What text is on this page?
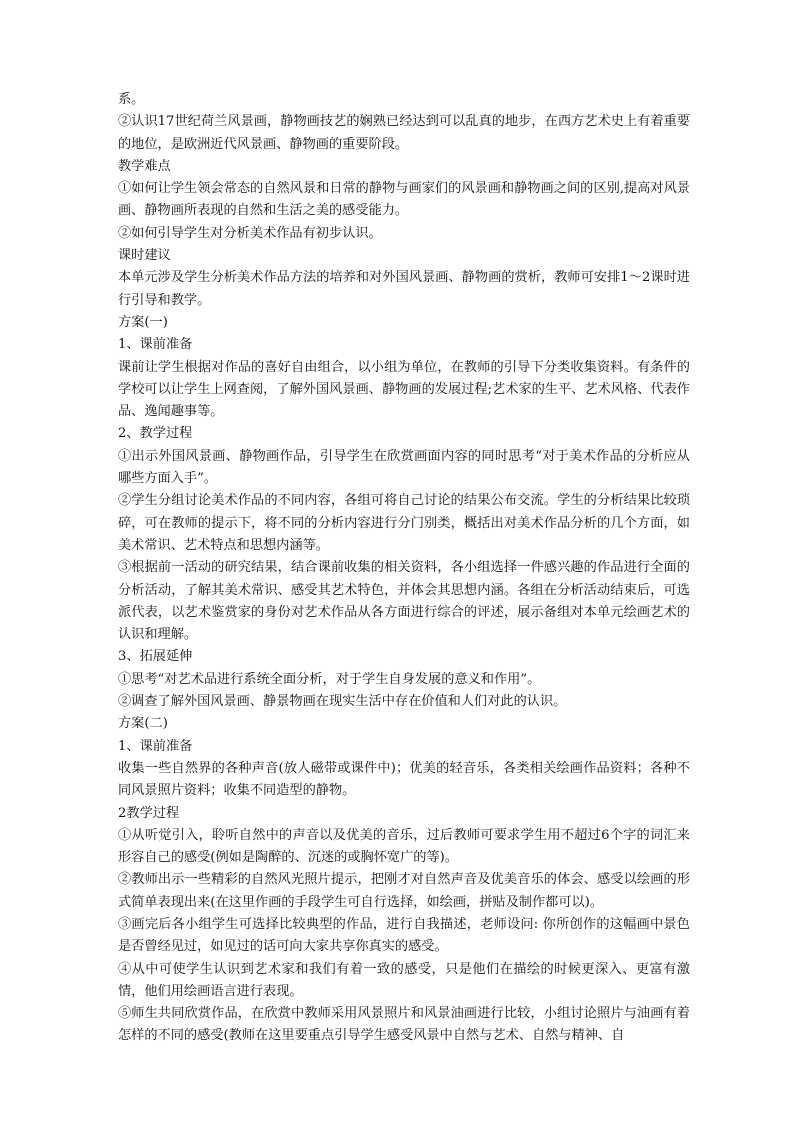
系。

②认识17世纪荷兰风景画，静物画技艺的娴熟已经达到可以乱真的地步，在西方艺术史上有着重要的地位，是欧洲近代风景画、静物画的重要阶段。

教学难点

①如何让学生领会常态的自然风景和日常的静物与画家们的风景画和静物画之间的区别,提高对风景画、静物画所表现的自然和生活之美的感受能力。

②如何引导学生对分析美术作品有初步认识。

课时建议

本单元涉及学生分析美术作品方法的培养和对外国风景画、静物画的赏析，教师可安排1～2课时进行引导和教学。

方案(一)

1、课前准备

课前让学生根据对作品的喜好自由组合，以小组为单位，在教师的引导下分类收集资料。有条件的学校可以让学生上网查阅，了解外国风景画、静物画的发展过程;艺术家的生平、艺术风格、代表作品、逸闻趣事等。

2、教学过程

①出示外国风景画、静物画作品，引导学生在欣赏画面内容的同时思考“对于美术作品的分析应从哪些方面入手”。

②学生分组讨论美术作品的不同内容，各组可将自己讨论的结果公布交流。学生的分析结果比较琐碎，可在教师的提示下，将不同的分析内容进行分门别类，概括出对美术作品分析的几个方面，如美术常识、艺术特点和思想内涵等。

③根据前一活动的研究结果，结合课前收集的相关资料，各小组选择一件感兴趣的作品进行全面的分析活动，了解其美术常识、感受其艺术特色，并体会其思想内涵。各组在分析活动结束后，可选派代表，以艺术鉴赏家的身份对艺术作品从各方面进行综合的评述，展示备组对本单元绘画艺术的认识和理解。

3、拓展延伸

①思考“对艺术品进行系统全面分析，对于学生自身发展的意义和作用”。

②调查了解外国风景画、静景物画在现实生活中存在价值和人们对此的认识。

方案(二)

1、课前准备

收集一些自然界的各种声音(放人磁带或课件中)；优美的轻音乐，各类相关绘画作品资料；各种不同风景照片资料；收集不同造型的静物。

2教学过程

①从听觉引入，聆听自然中的声音以及优美的音乐，过后教师可要求学生用不超过6个字的词汇来形容自己的感受(例如是陶醉的、沉迷的或胸怀宽广的等)。

②教师出示一些精彩的自然风光照片提示，把刚才对自然声音及优美音乐的体会、感受以绘画的形式简单表现出来(在这里作画的手段学生可自行选择，如绘画，拼贴及制作都可以)。

③画完后各小组学生可选择比较典型的作品，进行自我描述，老师设问: 你所创作的这幅画中景色是否曾经见过，如见过的话可向大家共享你真实的感受。

④从中可使学生认识到艺术家和我们有着一致的感受，只是他们在描绘的时候更深入、更富有激情，他们用绘画语言进行表现。

⑤师生共同欣赏作品，在欣赏中教师采用风景照片和风景油画进行比较，小组讨论照片与油画有着怎样的不同的感受(教师在这里要重点引导学生感受风景中自然与艺术、自然与精神、自
